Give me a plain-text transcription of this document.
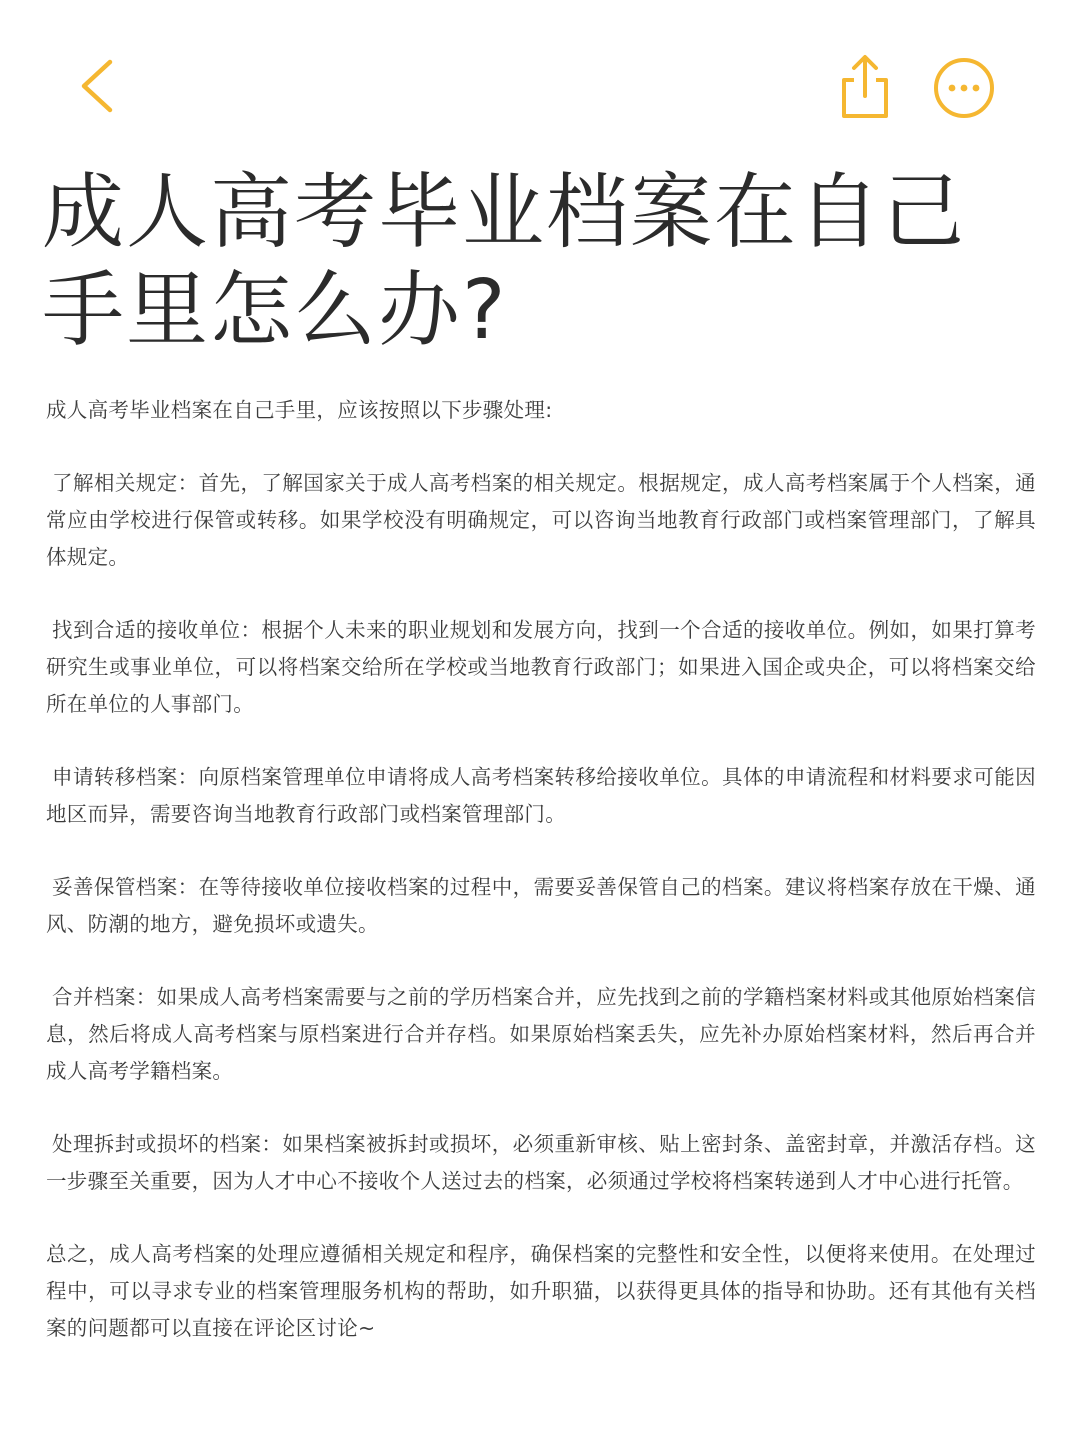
成人高考毕业档案在自己手里怎么办?

成人高考毕业档案在自己手里，应该按照以下步骤处理:

了解相关规定：首先，了解国家关于成人高考档案的相关规定。根据规定，成人高考档案属于个人档案，通常应由学校进行保管或转移。如果学校没有明确规定，可以咨询当地教育行政部门或档案管理部门，了解具体规定。

找到合适的接收单位：根据个人未来的职业规划和发展方向，找到一个合适的接收单位。例如，如果打算考研究生或事业单位，可以将档案交给所在学校或当地教育行政部门；如果进入国企或央企，可以将档案交给所在单位的人事部门。

申请转移档案：向原档案管理单位申请将成人高考档案转移给接收单位。具体的申请流程和材料要求可能因地区而异，需要咨询当地教育行政部门或档案管理部门。

妥善保管档案：在等待接收单位接收档案的过程中，需要妥善保管自己的档案。建议将档案存放在干燥、通风、防潮的地方，避免损坏或遗失。

合并档案：如果成人高考档案需要与之前的学历档案合并，应先找到之前的学籍档案材料或其他原始档案信息，然后将成人高考档案与原档案进行合并存档。如果原始档案丢失，应先补办原始档案材料，然后再合并成人高考学籍档案。

处理拆封或损坏的档案：如果档案被拆封或损坏，必须重新审核、贴上密封条、盖密封章，并激活存档。这一步骤至关重要，因为人才中心不接收个人送过去的档案，必须通过学校将档案转递到人才中心进行托管。

总之，成人高考档案的处理应遵循相关规定和程序，确保档案的完整性和安全性，以便将来使用。在处理过程中，可以寻求专业的档案管理服务机构的帮助，如升职猫，以获得更具体的指导和协助。还有其他有关档案的问题都可以直接在评论区讨论~
